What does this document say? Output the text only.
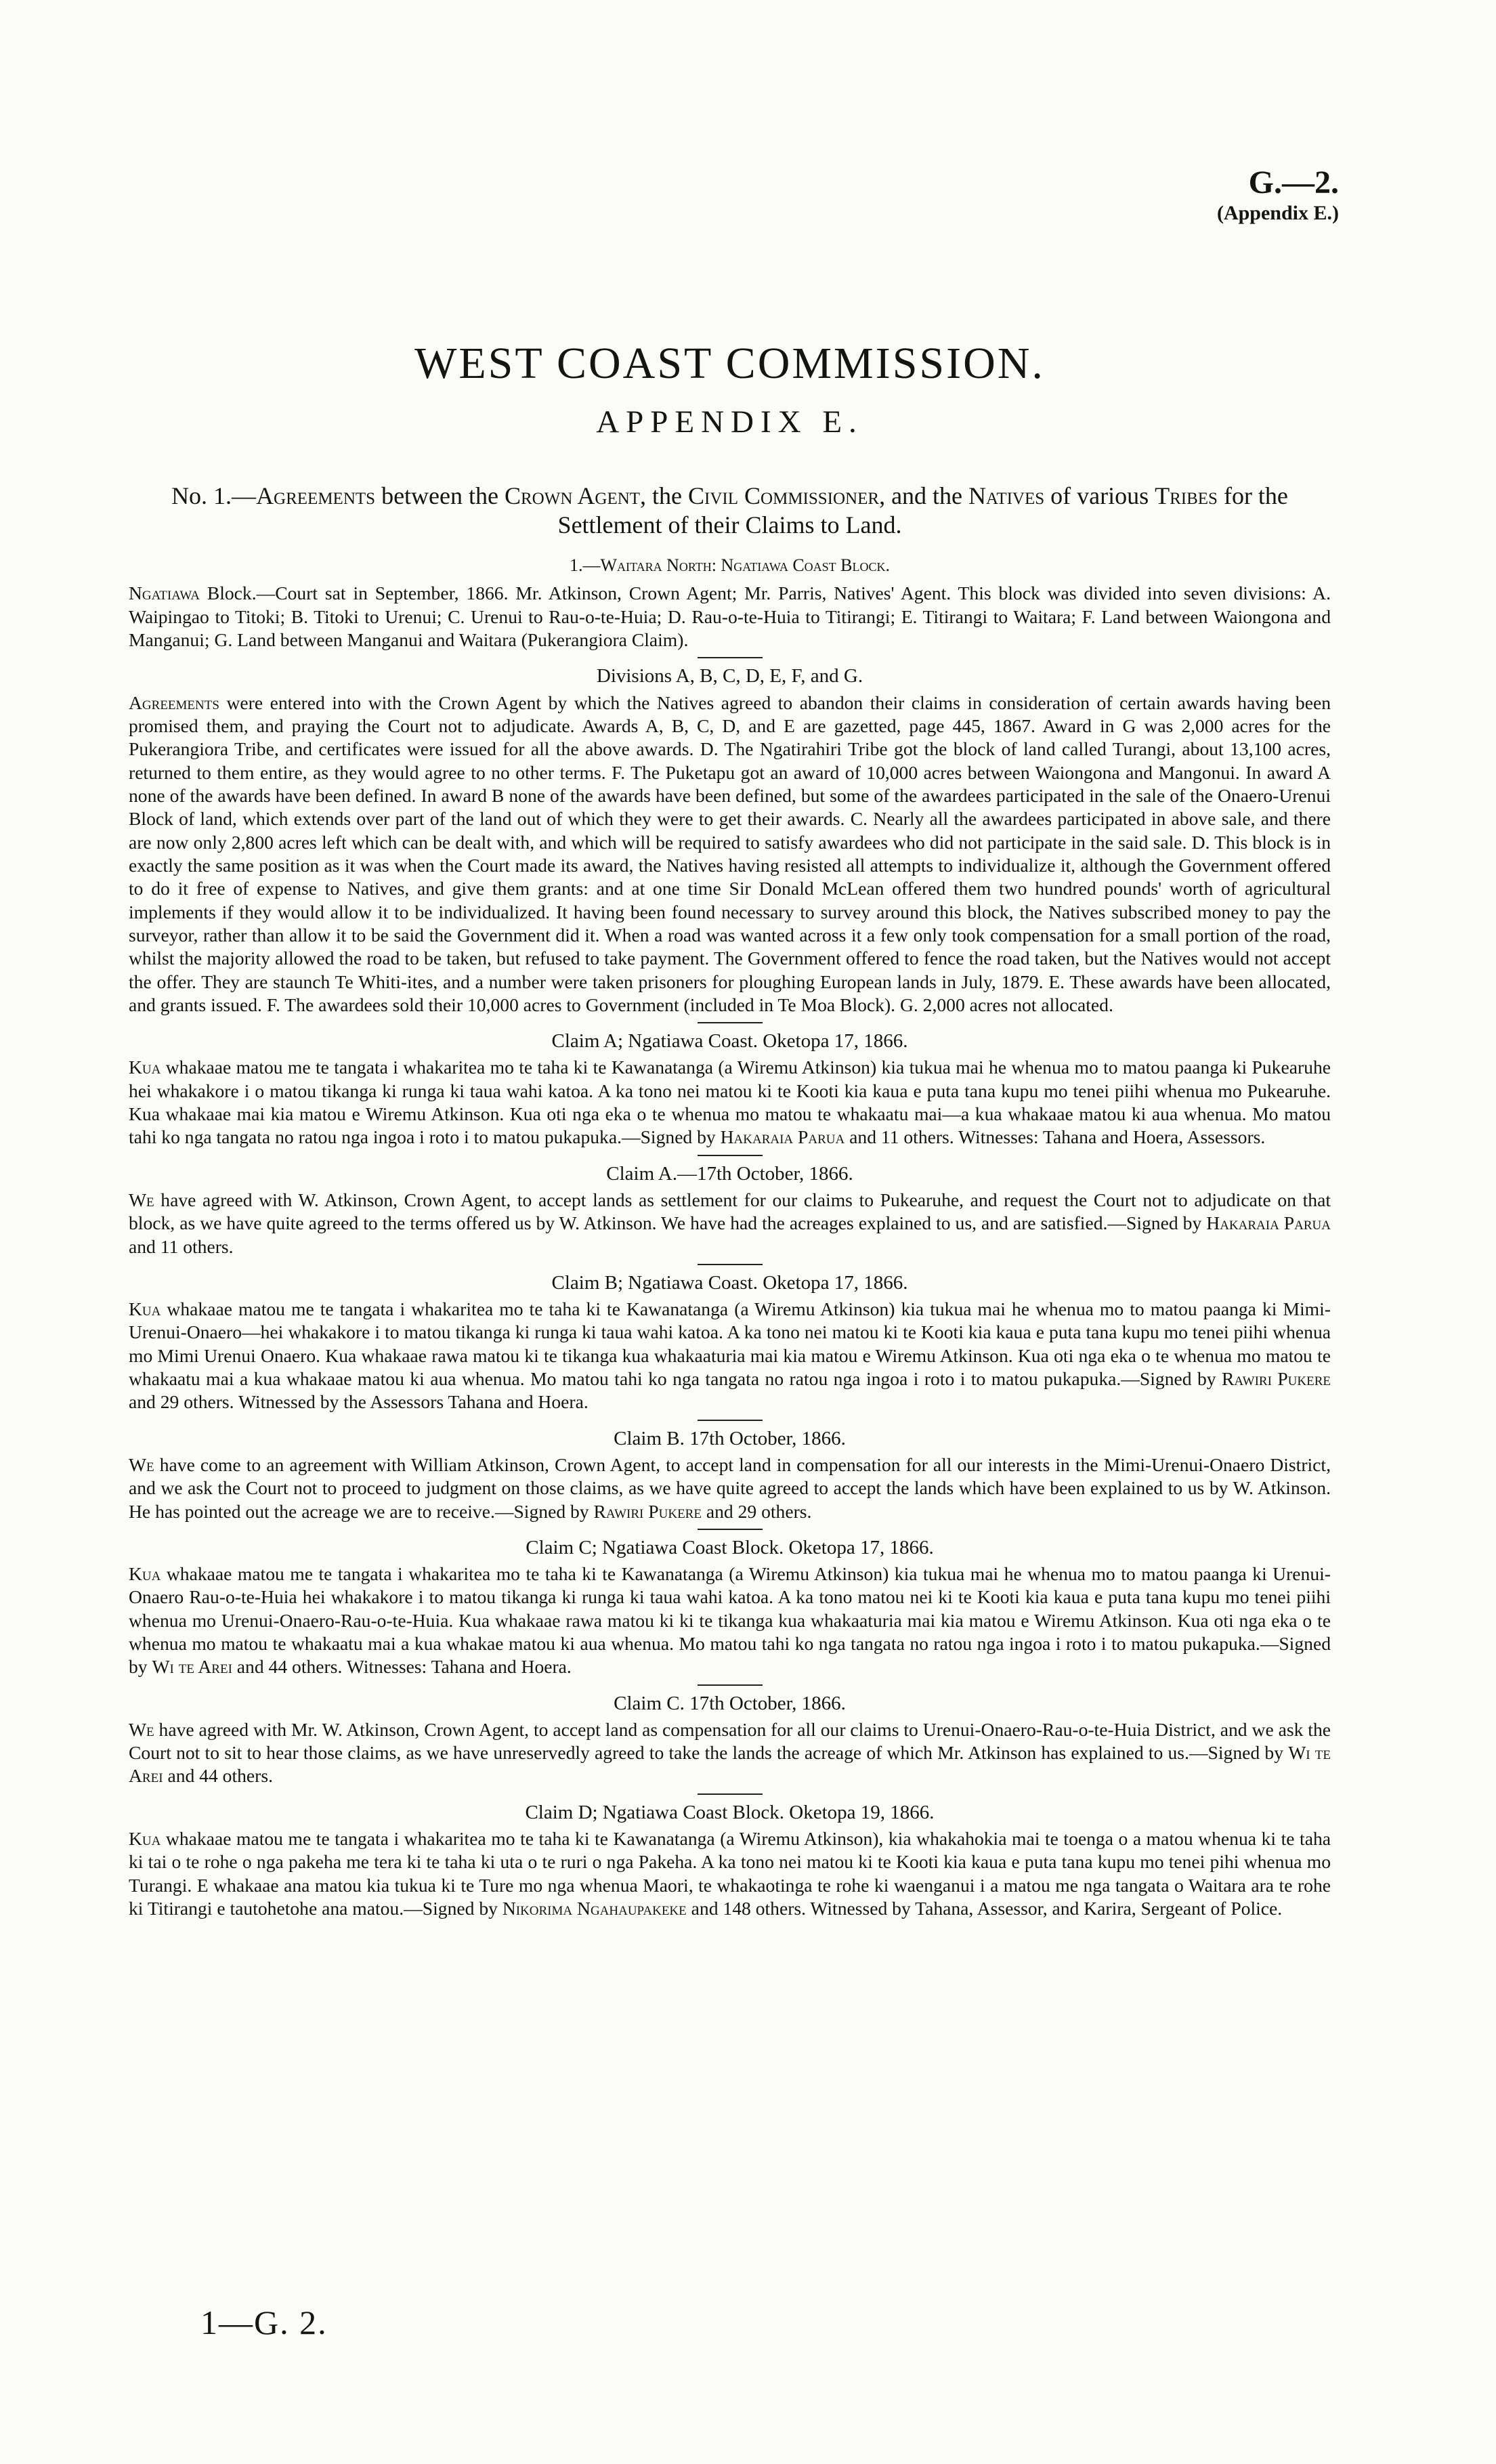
G.—2.
(Appendix E.)
WEST COAST COMMISSION.
APPENDIX E.
No. 1.—Agreements between the Crown Agent, the Civil Commissioner, and the Natives of various Tribes for the Settlement of their Claims to Land.
1.—Waitara North: Ngatiawa Coast Block.

Ngatiawa Block.—Court sat in September, 1866. Mr. Atkinson, Crown Agent; Mr. Parris, Natives' Agent. This block was divided into seven divisions: A. Waipingao to Titoki; B. Titoki to Urenui; C. Urenui to Rau-o-te-Huia; D. Rau-o-te-Huia to Titirangi; E. Titirangi to Waitara; F. Land between Waiongona and Manganui; G. Land between Manganui and Waitara (Pukerangiora Claim).

Divisions A, B, C, D, E, F, and G.

Agreements were entered into with the Crown Agent by which the Natives agreed to abandon their claims in consideration of certain awards having been promised them, and praying the Court not to adjudicate. Awards A, B, C, D, and E are gazetted, page 445, 1867. Award in G was 2,000 acres for the Pukerangiora Tribe, and certificates were issued for all the above awards. D. The Ngatirahiri Tribe got the block of land called Turangi, about 13,100 acres, returned to them entire, as they would agree to no other terms. F. The Puketapu got an award of 10,000 acres between Waiongona and Mangonui. In award A none of the awards have been defined. In award B none of the awards have been defined, but some of the awardees participated in the sale of the Onaero-Urenui Block of land, which extends over part of the land out of which they were to get their awards. C. Nearly all the awardees participated in above sale, and there are now only 2,800 acres left which can be dealt with, and which will be required to satisfy awardees who did not participate in the said sale. D. This block is in exactly the same position as it was when the Court made its award, the Natives having resisted all attempts to individualize it, although the Government offered to do it free of expense to Natives, and give them grants: and at one time Sir Donald McLean offered them two hundred pounds' worth of agricultural implements if they would allow it to be individualized. It having been found necessary to survey around this block, the Natives subscribed money to pay the surveyor, rather than allow it to be said the Government did it. When a road was wanted across it a few only took compensation for a small portion of the road, whilst the majority allowed the road to be taken, but refused to take payment. The Government offered to fence the road taken, but the Natives would not accept the offer. They are staunch Te Whiti-ites, and a number were taken prisoners for ploughing European lands in July, 1879. E. These awards have been allocated, and grants issued. F. The awardees sold their 10,000 acres to Government (included in Te Moa Block). G. 2,000 acres not allocated.

Claim A; Ngatiawa Coast. Oketopa 17, 1866.

Kua whakaae matou me te tangata i whakaritea mo te taha ki te Kawanatanga (a Wiremu Atkinson) kia tukua mai he whenua mo to matou paanga ki Pukearuhe hei whakakore i o matou tikanga ki runga ki taua wahi katoa. A ka tono nei matou ki te Kooti kia kaua e puta tana kupu mo tenei piihi whenua mo Pukearuhe. Kua whakaae mai kia matou e Wiremu Atkinson. Kua oti nga eka o te whenua mo matou te whakaatu mai—a kua whakaae matou ki aua whenua. Mo matou tahi ko nga tangata no ratou nga ingoa i roto i to matou pukapuka.—Signed by Hakaraia Parua and 11 others. Witnesses: Tahana and Hoera, Assessors.

Claim A.—17th October, 1866.

We have agreed with W. Atkinson, Crown Agent, to accept lands as settlement for our claims to Pukearuhe, and request the Court not to adjudicate on that block, as we have quite agreed to the terms offered us by W. Atkinson. We have had the acreages explained to us, and are satisfied.—Signed by Hakaraia Parua and 11 others.

Claim B; Ngatiawa Coast. Oketopa 17, 1866.

Kua whakaae matou me te tangata i whakaritea mo te taha ki te Kawanatanga (a Wiremu Atkinson) kia tukua mai he whenua mo to matou paanga ki Mimi-Urenui-Onaero—hei whakakore i to matou tikanga ki runga ki taua wahi katoa. A ka tono nei matou ki te Kooti kia kaua e puta tana kupu mo tenei piihi whenua mo Mimi Urenui Onaero. Kua whakaae rawa matou ki te tikanga kua whakaaturia mai kia matou e Wiremu Atkinson. Kua oti nga eka o te whenua mo matou te whakaatu mai a kua whakaae matou ki aua whenua. Mo matou tahi ko nga tangata no ratou nga ingoa i roto i to matou pukapuka.—Signed by Rawiri Pukere and 29 others. Witnessed by the Assessors Tahana and Hoera.

Claim B. 17th October, 1866.

We have come to an agreement with William Atkinson, Crown Agent, to accept land in compensation for all our interests in the Mimi-Urenui-Onaero District, and we ask the Court not to proceed to judgment on those claims, as we have quite agreed to accept the lands which have been explained to us by W. Atkinson. He has pointed out the acreage we are to receive.—Signed by Rawiri Pukere and 29 others.

Claim C; Ngatiawa Coast Block. Oketopa 17, 1866.

Kua whakaae matou me te tangata i whakaritea mo te taha ki te Kawanatanga (a Wiremu Atkinson) kia tukua mai he whenua mo to matou paanga ki Urenui-Onaero Rau-o-te-Huia hei whakakore i to matou tikanga ki runga ki taua wahi katoa. A ka tono matou nei ki te Kooti kia kaua e puta tana kupu mo tenei piihi whenua mo Urenui-Onaero-Rau-o-te-Huia. Kua whakaae rawa matou ki ki te tikanga kua whakaaturia mai kia matou e Wiremu Atkinson. Kua oti nga eka o te whenua mo matou te whakaatu mai a kua whakae matou ki aua whenua. Mo matou tahi ko nga tangata no ratou nga ingoa i roto i to matou pukapuka.—Signed by Wi te Arei and 44 others. Witnesses: Tahana and Hoera.

Claim C. 17th October, 1866.

We have agreed with Mr. W. Atkinson, Crown Agent, to accept land as compensation for all our claims to Urenui-Onaero-Rau-o-te-Huia District, and we ask the Court not to sit to hear those claims, as we have unreservedly agreed to take the lands the acreage of which Mr. Atkinson has explained to us.—Signed by Wi te Arei and 44 others.

Claim D; Ngatiawa Coast Block. Oketopa 19, 1866.

Kua whakaae matou me te tangata i whakaritea mo te taha ki te Kawanatanga (a Wiremu Atkinson), kia whakahokia mai te toenga o a matou whenua ki te taha ki tai o te rohe o nga pakeha me tera ki te taha ki uta o te ruri o nga Pakeha. A ka tono nei matou ki te Kooti kia kaua e puta tana kupu mo tenei pihi whenua mo Turangi. E whakaae ana matou kia tukua ki te Ture mo nga whenua Maori, te whakaotinga te rohe ki waenganui i a matou me nga tangata o Waitara ara te rohe ki Titirangi e tautohetohe ana matou.—Signed by Nikorima Ngahaupakeke and 148 others. Witnessed by Tahana, Assessor, and Karira, Sergeant of Police.

1—G. 2.
